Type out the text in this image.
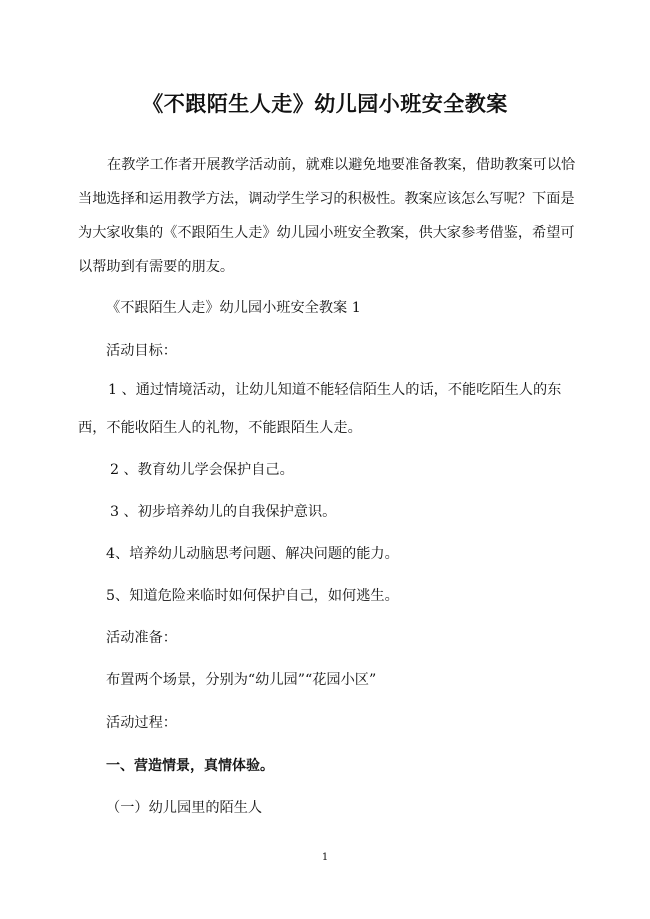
《不跟陌生人走》幼儿园小班安全教案

在教学工作者开展教学活动前，就难以避免地要准备教案，借助教案可以恰当地选择和运用教学方法，调动学生学习的积极性。教案应该怎么写呢？下面是为大家收集的《不跟陌生人走》幼儿园小班安全教案，供大家参考借鉴，希望可以帮助到有需要的朋友。

《不跟陌生人走》幼儿园小班安全教案 1

活动目标：

1 、通过情境活动，让幼儿知道不能轻信陌生人的话，不能吃陌生人的东西，不能收陌生人的礼物，不能跟陌生人走。

2 、教育幼儿学会保护自己。

3 、初步培养幼儿的自我保护意识。

4、培养幼儿动脑思考问题、解决问题的能力。

5、知道危险来临时如何保护自己，如何逃生。

活动准备：

布置两个场景，分别为“幼儿园”“花园小区”

活动过程：

一、营造情景，真情体验。

（一）幼儿园里的陌生人

1
